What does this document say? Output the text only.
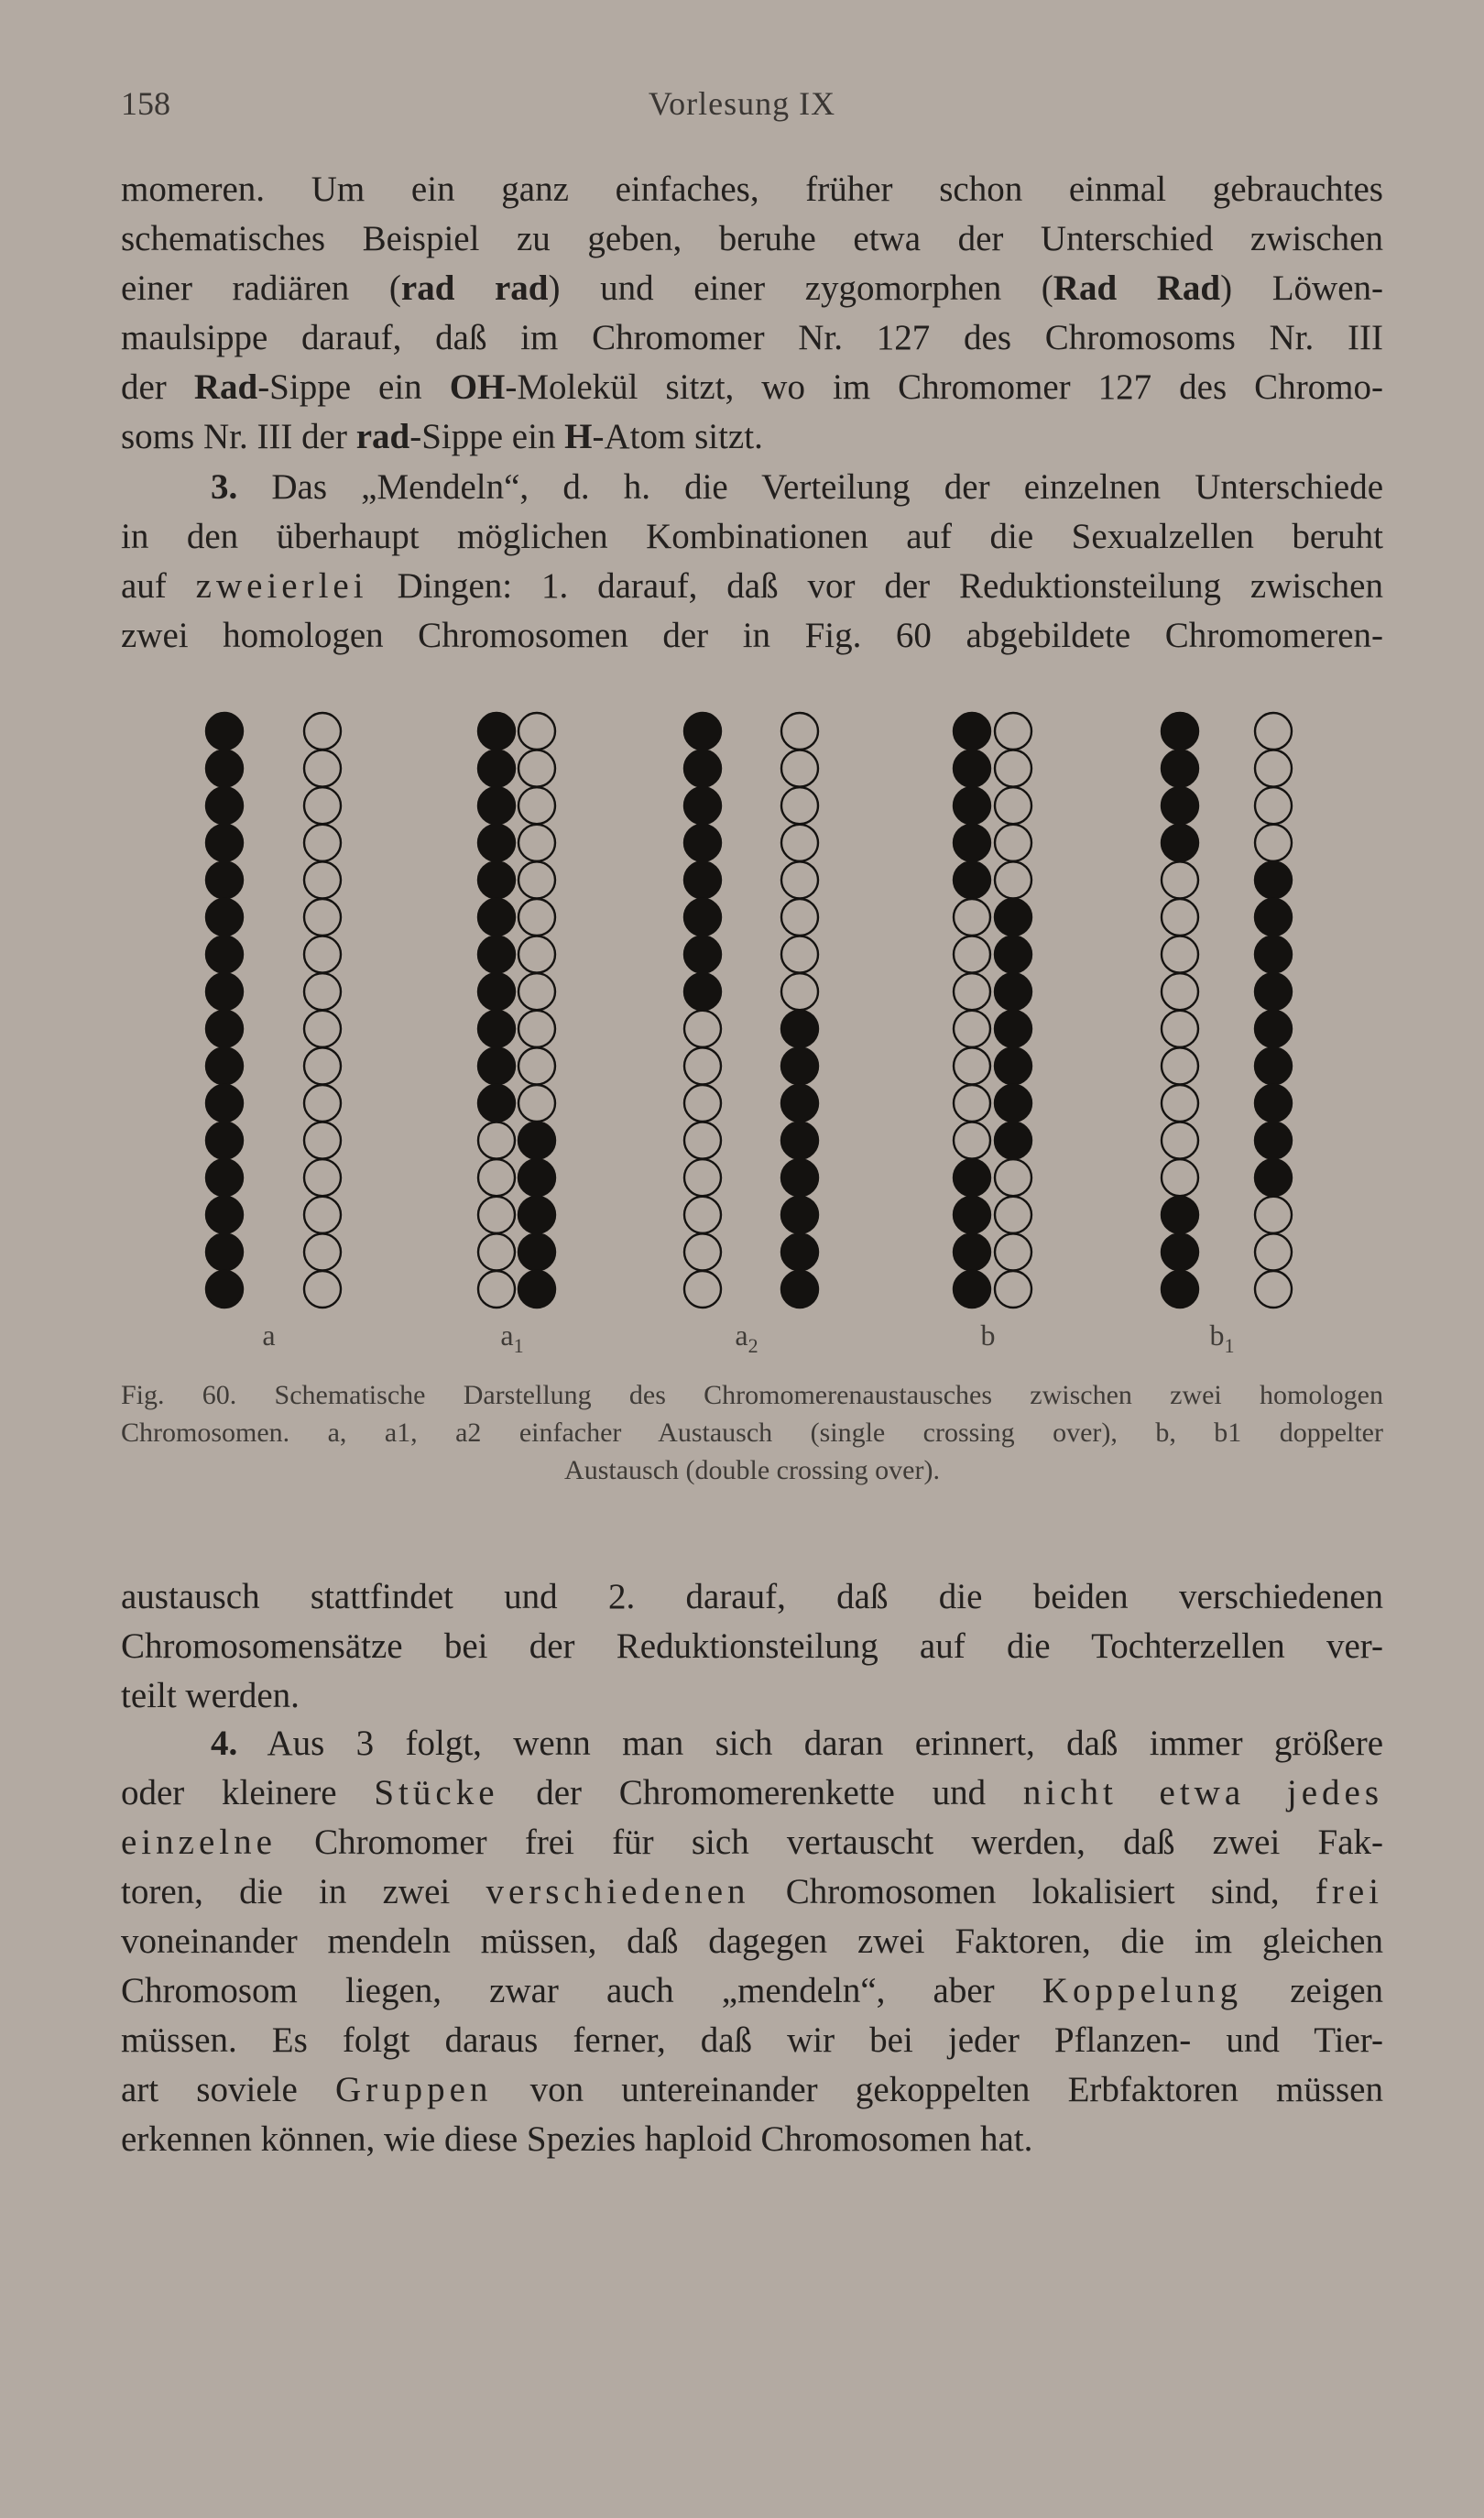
158	Vorlesung IX
momeren. Um ein ganz einfaches, früher schon einmal gebrauchtes
schematisches Beispiel zu geben, beruhe etwa der Unterschied zwischen
einer radiären (rad rad) und einer zygomorphen (Rad Rad) Löwen-
maulsippe darauf, daß im Chromomer Nr. 127 des Chromosoms Nr. III
der Rad-Sippe ein OH-Molekül sitzt, wo im Chromomer 127 des Chromo-
soms Nr. III der rad-Sippe ein H-Atom sitzt.
3. Das „Mendeln“, d. h. die Verteilung der einzelnen Unterschiede
in den überhaupt möglichen Kombinationen auf die Sexualzellen beruht
auf zweierlei Dingen: 1. darauf, daß vor der Reduktionsteilung zwischen
zwei homologen Chromosomen der in Fig. 60 abgebildete Chromomeren-
a	$a_1$	$a_2$	b	$b_1$
Fig. 60. Schematische Darstellung des Chromomerenaustausches zwischen zwei homologen
Chromosomen. a, a1, a2 einfacher Austausch (single crossing over), b, b1 doppelter
Austausch (double crossing over).
austausch stattfindet und 2. darauf, daß die beiden verschiedenen
Chromosomensätze bei der Reduktionsteilung auf die Tochterzellen ver-
teilt werden.
4. Aus 3 folgt, wenn man sich daran erinnert, daß immer größere
oder kleinere Stücke der Chromomerenkette und nicht etwa jedes
einzelne Chromomer frei für sich vertauscht werden, daß zwei Fak-
toren, die in zwei verschiedenen Chromosomen lokalisiert sind, frei
voneinander mendeln müssen, daß dagegen zwei Faktoren, die im gleichen
Chromosom liegen, zwar auch „mendeln“, aber Koppelung zeigen
müssen. Es folgt daraus ferner, daß wir bei jeder Pflanzen- und Tier-
art soviele Gruppen von untereinander gekoppelten Erbfaktoren müssen
erkennen können, wie diese Spezies haploid Chromosomen hat.
